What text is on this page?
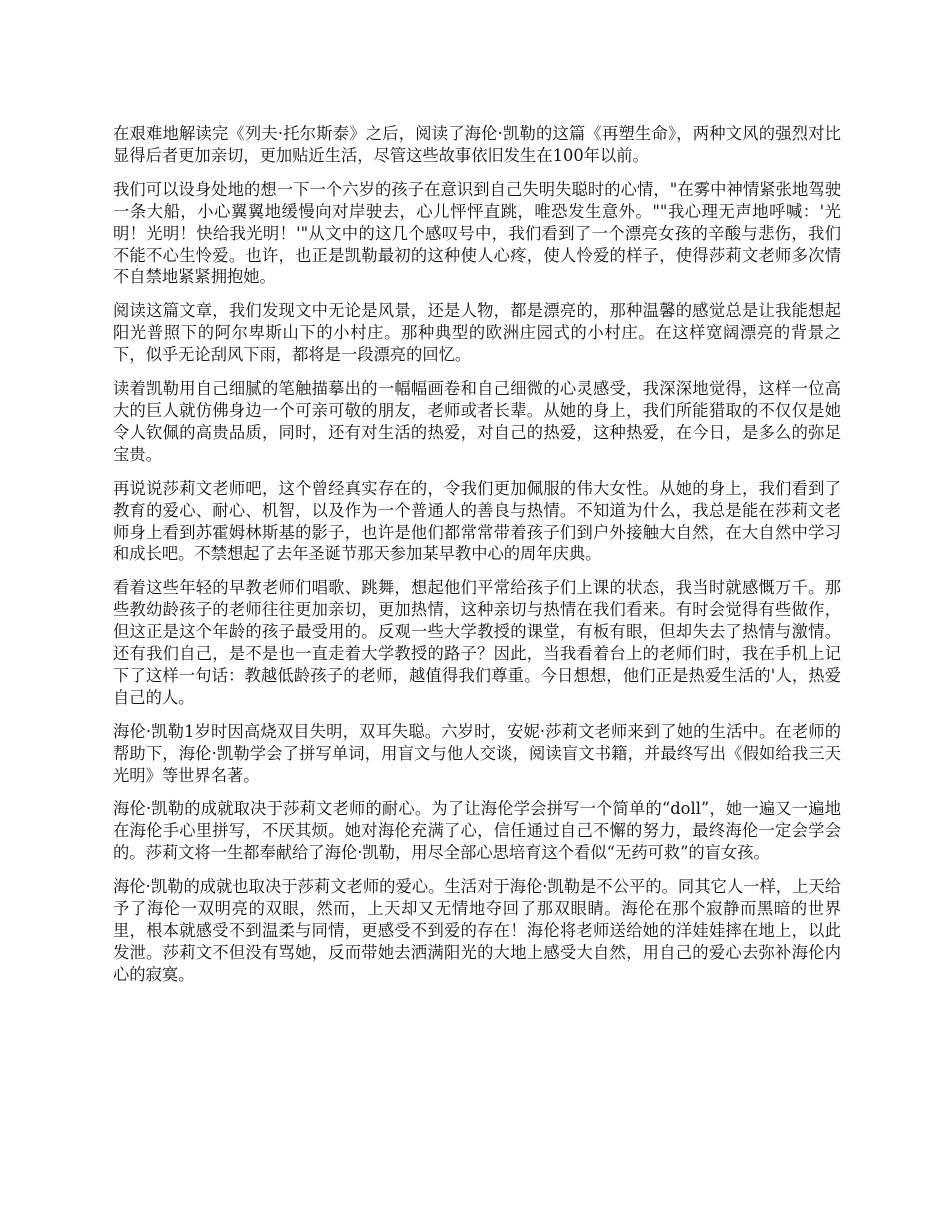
在艰难地解读完《列夫·托尔斯泰》之后，阅读了海伦·凯勒的这篇《再塑生命》，两种文风的强烈对比显得后者更加亲切，更加贴近生活，尽管这些故事依旧发生在100年以前。

我们可以设身处地的想一下一个六岁的孩子在意识到自己失明失聪时的心情，"在雾中神情紧张地驾驶一条大船，小心翼翼地缓慢向对岸驶去，心儿怦怦直跳，唯恐发生意外。""我心理无声地呼喊：'光明！光明！快给我光明！'"从文中的这几个感叹号中，我们看到了一个漂亮女孩的辛酸与悲伤，我们不能不心生怜爱。也许，也正是凯勒最初的这种使人心疼，使人怜爱的样子，使得莎莉文老师多次情不自禁地紧紧拥抱她。

阅读这篇文章，我们发现文中无论是风景，还是人物，都是漂亮的，那种温馨的感觉总是让我能想起阳光普照下的阿尔卑斯山下的小村庄。那种典型的欧洲庄园式的小村庄。在这样宽阔漂亮的背景之下，似乎无论刮风下雨，都将是一段漂亮的回忆。

读着凯勒用自己细腻的笔触描摹出的一幅幅画卷和自己细微的心灵感受，我深深地觉得，这样一位高大的巨人就仿佛身边一个可亲可敬的朋友，老师或者长辈。从她的身上，我们所能猎取的不仅仅是她令人钦佩的高贵品质，同时，还有对生活的热爱，对自己的热爱，这种热爱，在今日，是多么的弥足宝贵。

再说说莎莉文老师吧，这个曾经真实存在的，令我们更加佩服的伟大女性。从她的身上，我们看到了教育的爱心、耐心、机智，以及作为一个普通人的善良与热情。不知道为什么，我总是能在莎莉文老师身上看到苏霍姆林斯基的影子，也许是他们都常常带着孩子们到户外接触大自然，在大自然中学习和成长吧。不禁想起了去年圣诞节那天参加某早教中心的周年庆典。

看着这些年轻的早教老师们唱歌、跳舞，想起他们平常给孩子们上课的状态，我当时就感慨万千。那些教幼龄孩子的老师往往更加亲切，更加热情，这种亲切与热情在我们看来。有时会觉得有些做作，但这正是这个年龄的孩子最受用的。反观一些大学教授的课堂，有板有眼，但却失去了热情与激情。还有我们自己，是不是也一直走着大学教授的路子？因此，当我看着台上的老师们时，我在手机上记下了这样一句话：教越低龄孩子的老师，越值得我们尊重。今日想想，他们正是热爱生活的'人，热爱自己的人。

海伦·凯勒1岁时因高烧双目失明，双耳失聪。六岁时，安妮·莎莉文老师来到了她的生活中。在老师的帮助下，海伦·凯勒学会了拼写单词，用盲文与他人交谈，阅读盲文书籍，并最终写出《假如给我三天光明》等世界名著。

海伦·凯勒的成就取决于莎莉文老师的耐心。为了让海伦学会拼写一个简单的“doll”，她一遍又一遍地在海伦手心里拼写，不厌其烦。她对海伦充满了心，信任通过自己不懈的努力，最终海伦一定会学会的。莎莉文将一生都奉献给了海伦·凯勒，用尽全部心思培育这个看似“无药可救”的盲女孩。

海伦·凯勒的成就也取决于莎莉文老师的爱心。生活对于海伦·凯勒是不公平的。同其它人一样，上天给予了海伦一双明亮的双眼，然而，上天却又无情地夺回了那双眼睛。海伦在那个寂静而黑暗的世界里，根本就感受不到温柔与同情，更感受不到爱的存在！海伦将老师送给她的洋娃娃摔在地上，以此发泄。莎莉文不但没有骂她，反而带她去洒满阳光的大地上感受大自然，用自己的爱心去弥补海伦内心的寂寞。
